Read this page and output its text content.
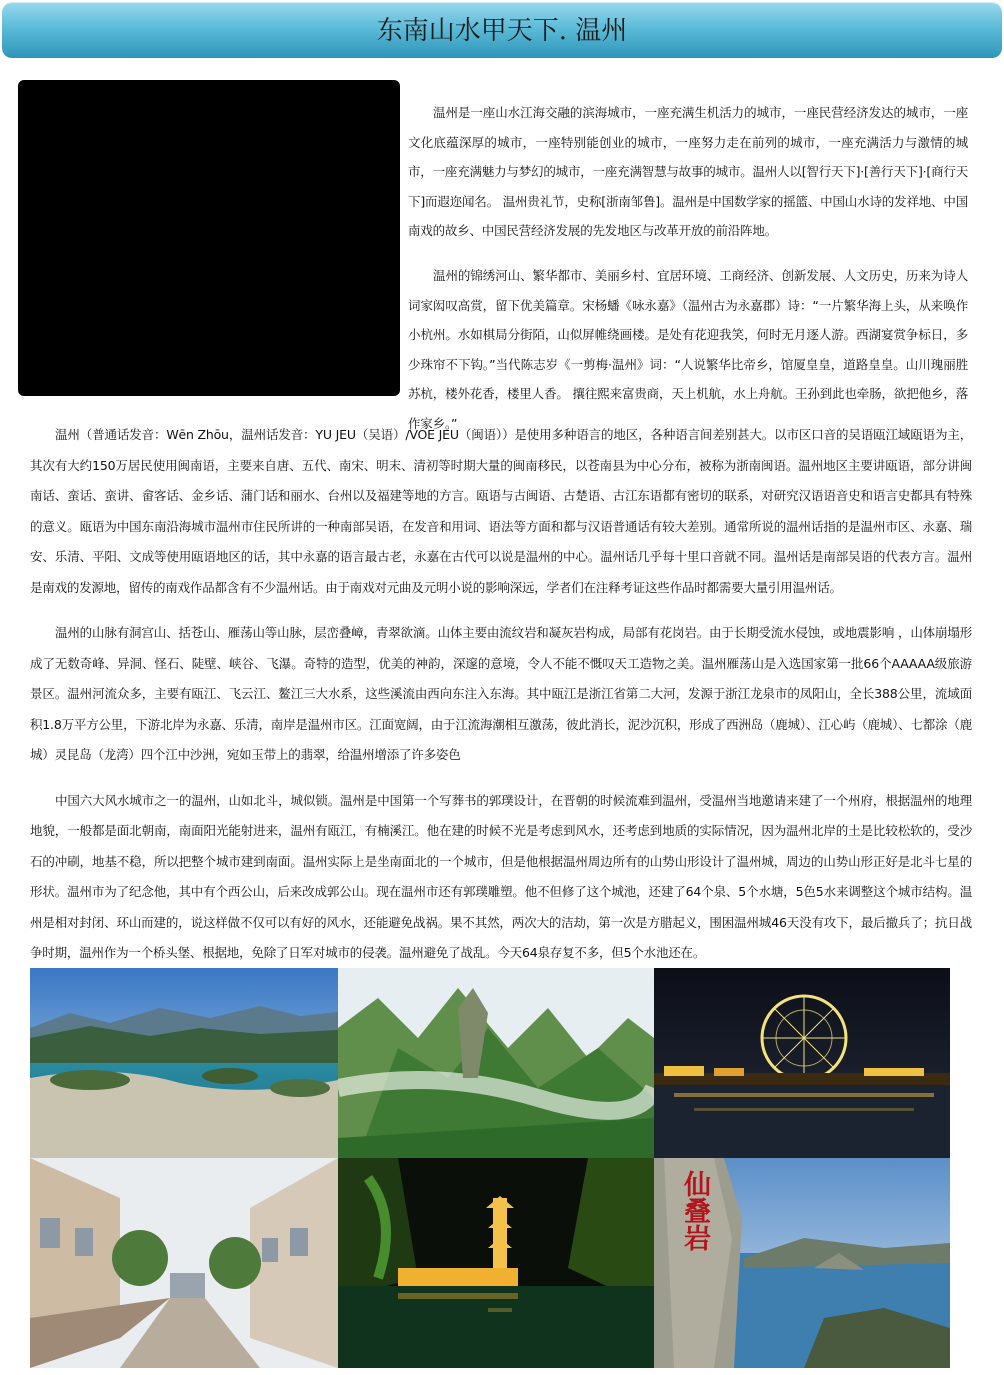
东南山水甲天下. 温州

温州是一座山水江海交融的滨海城市，一座充满生机活力的城市，一座民营经济发达的城市，一座文化底蕴深厚的城市，一座特别能创业的城市，一座努力走在前列的城市，一座充满活力与激情的城市，一座充满魅力与梦幻的城市，一座充满智慧与故事的城市。温州人以[智行天下]·[善行天下]·[商行天下]而遐迩闻名。 温州贵礼节，史称[浙南邹鲁]。温州是中国数学家的摇篮、中国山水诗的发祥地、中国南戏的故乡、中国民营经济发展的先发地区与改革开放的前沿阵地。

温州的锦绣河山、繁华都市、美丽乡村、宜居环境、工商经济、创新发展、人文历史，历来为诗人词家闳叹高赏，留下优美篇章。宋杨蟠《咏永嘉》（温州古为永嘉郡）诗：“一片繁华海上头，从来唤作小杭州。水如棋局分街陌，山似屏帷绕画楼。是处有花迎我笑，何时无月逐人游。西湖宴赏争标日，多少珠帘不下钩。”当代陈志岁《一剪梅·温州》词：“人说繁华比帝乡，馆厦皇皇，道路皇皇。山川瑰丽胜苏杭，楼外花香，楼里人香。 攘往熙来富贵商，天上机航，水上舟航。王孙到此也牵肠，欲把他乡，落作家乡。”

温州（普通话发音：Wēn Zhōu，温州话发音：YU JEU（吴语）/VOE JEU（闽语））是使用多种语言的地区，各种语言间差别甚大。以市区口音的吴语瓯江域瓯语为主，其次有大约150万居民使用闽南语，主要来自唐、五代、南宋、明末、清初等时期大量的闽南移民，以苍南县为中心分布，被称为浙南闽语。温州地区主要讲瓯语，部分讲闽南话、蛮话、蛮讲、畲客话、金乡话、蒲门话和丽水、台州以及福建等地的方言。瓯语与古闽语、古楚语、古江东语都有密切的联系，对研究汉语语音史和语言史都具有特殊的意义。瓯语为中国东南沿海城市温州市住民所讲的一种南部吴语，在发音和用词、语法等方面和都与汉语普通话有较大差别。通常所说的温州话指的是温州市区、永嘉、瑞安、乐清、平阳、文成等使用瓯语地区的话，其中永嘉的语言最古老，永嘉在古代可以说是温州的中心。温州话几乎每十里口音就不同。温州话是南部吴语的代表方言。温州是南戏的发源地，留传的南戏作品都含有不少温州话。由于南戏对元曲及元明小说的影响深远，学者们在注释考证这些作品时都需要大量引用温州话。

温州的山脉有洞宫山、括苍山、雁荡山等山脉，层峦叠嶂，青翠欲滴。山体主要由流纹岩和凝灰岩构成，局部有花岗岩。由于长期受流水侵蚀，或地震影响 ，山体崩塌形成了无数奇峰、异洞、怪石、陡壁、峡谷、飞瀑。奇特的造型，优美的神韵，深邃的意境，令人不能不慨叹天工造物之美。温州雁荡山是入选国家第一批66个AAAAA级旅游景区。温州河流众多，主要有瓯江、飞云江、鳌江三大水系，这些溪流由西向东注入东海。其中瓯江是浙江省第二大河，发源于浙江龙泉市的凤阳山，全长388公里，流域面积1.8万平方公里，下游北岸为永嘉、乐清，南岸是温州市区。江面宽阔，由于江流海潮相互激荡，彼此消长，泥沙沉积，形成了西洲岛（鹿城）、江心屿（鹿城）、七都涂（鹿城）灵昆岛（龙湾）四个江中沙洲，宛如玉带上的翡翠，给温州增添了许多姿色

中国六大风水城市之一的温州，山如北斗，城似锁。温州是中国第一个写葬书的郭璞设计，在晋朝的时候流难到温州，受温州当地邀请来建了一个州府，根据温州的地理地貌，一般都是面北朝南，南面阳光能射进来，温州有瓯江，有楠溪江。他在建的时候不光是考虑到风水，还考虑到地质的实际情况，因为温州北岸的土是比较松软的，受沙石的冲刷，地基不稳，所以把整个城市建到南面。温州实际上是坐南面北的一个城市，但是他根据温州周边所有的山势山形设计了温州城，周边的山势山形正好是北斗七星的形状。温州市为了纪念他，其中有个西公山，后来改成郭公山。现在温州市还有郭璞雕塑。他不但修了这个城池，还建了64个泉、5个水塘，5色5水来调整这个城市结构。温州是相对封闭、环山而建的，说这样做不仅可以有好的风水，还能避免战祸。果不其然，两次大的洁劫，第一次是方腊起义，围困温州城46天没有攻下，最后撤兵了；抗日战争时期，温州作为一个桥头堡、根据地，免除了日军对城市的侵袭。温州避免了战乱。今天64泉存复不多，但5个水池还在。

仙叠岩
